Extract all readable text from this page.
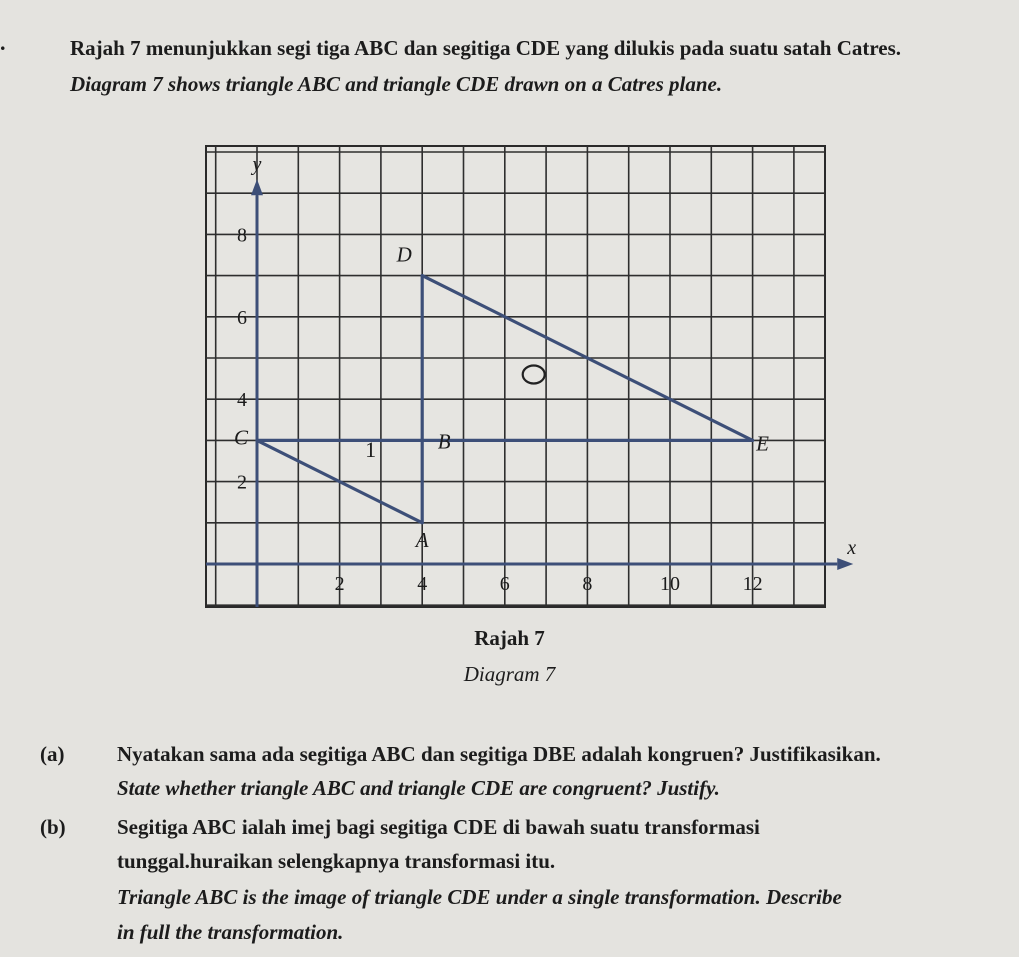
.	Rajah 7 menunjukkan segi tiga ABC dan segitiga CDE yang dilukis pada suatu satah Catres.
Diagram 7 shows triangle ABC and triangle CDE drawn on a Catres plane.
2	4	6	8	10	12
2
4
6
8
x
y
A
B
C
D
E
1
Rajah 7
Diagram 7
(a)	Nyatakan sama ada segitiga ABC dan segitiga DBE adalah kongruen? Justifikasikan.
State whether triangle ABC and triangle CDE are congruent? Justify.
(b) Segitiga ABC ialah imej bagi segitiga CDE di bawah suatu transformasi
tunggal.huraikan selengkapnya transformasi itu.
Triangle ABC is the image of triangle CDE under a single transformation. Describe
in full the transformation.
